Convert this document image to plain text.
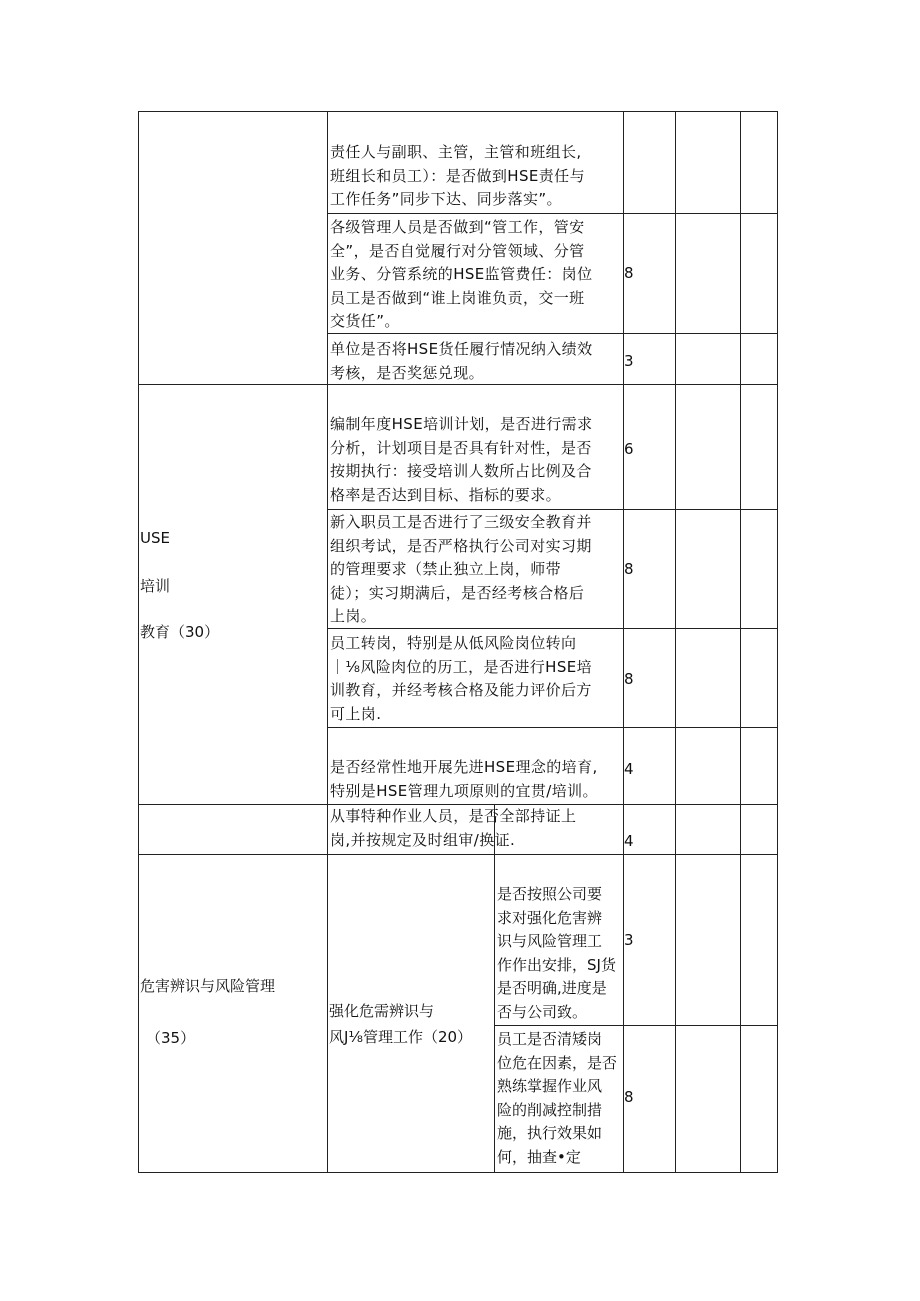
USE
培训
教育（30）
危害辨识与风险管理
（35）
强化危需辨识与
风J⅛管理工作（20）
责任人与副职、主管，主管和班组长,
班组长和员工）：是否做到HSE责任与
工作任务”同步下达、同步落实”。
各级管理人员是否做到“管工作，管安
全”，是否自觉履行对分管领域、分管
业务、分管系统的HSE监管费任：岗位
员工是否做到“谁上岗谁负贡，交一班
交货任”。
8
单位是否将HSE货任履行情况纳入绩效
考核，是否奖惩兑现。
3
编制年度HSE培训计划，是否进行需求
分析，计划项目是否具有针对性，是否
按期执行：接受培训人数所占比例及合
格率是否达到目标、指标的要求。
6
新入职员工是否进行了三级安全教育并
组织考试，是否严格执行公司对实习期
的管理要求（禁止独立上岗，师带
徒）；实习期满后，是否经考核合格后
上岗。
8
员工转岗，特别是从低风险岗位转向
｜⅛风险肉位的历工，是否进行HSE培
训教育，并经考核合格及能力评价后方
可上岗.
8
是否经常性地开展先进HSE理念的培育,
特别是HSE管理九项原则的宜贯/培训。
4
从事特种作业人员，是否全部持证上
岗,并按规定及时组审/换证.	4
是否按照公司要
求对强化危害辨
识与风险管理工
作作出安排，SJ货
是否明确,进度是
否与公司致。
3
员工是否清矮岗
位危在因素，是否
熟练掌握作业风
险的削减控制措
施，执行效果如
何，抽查•定
8
